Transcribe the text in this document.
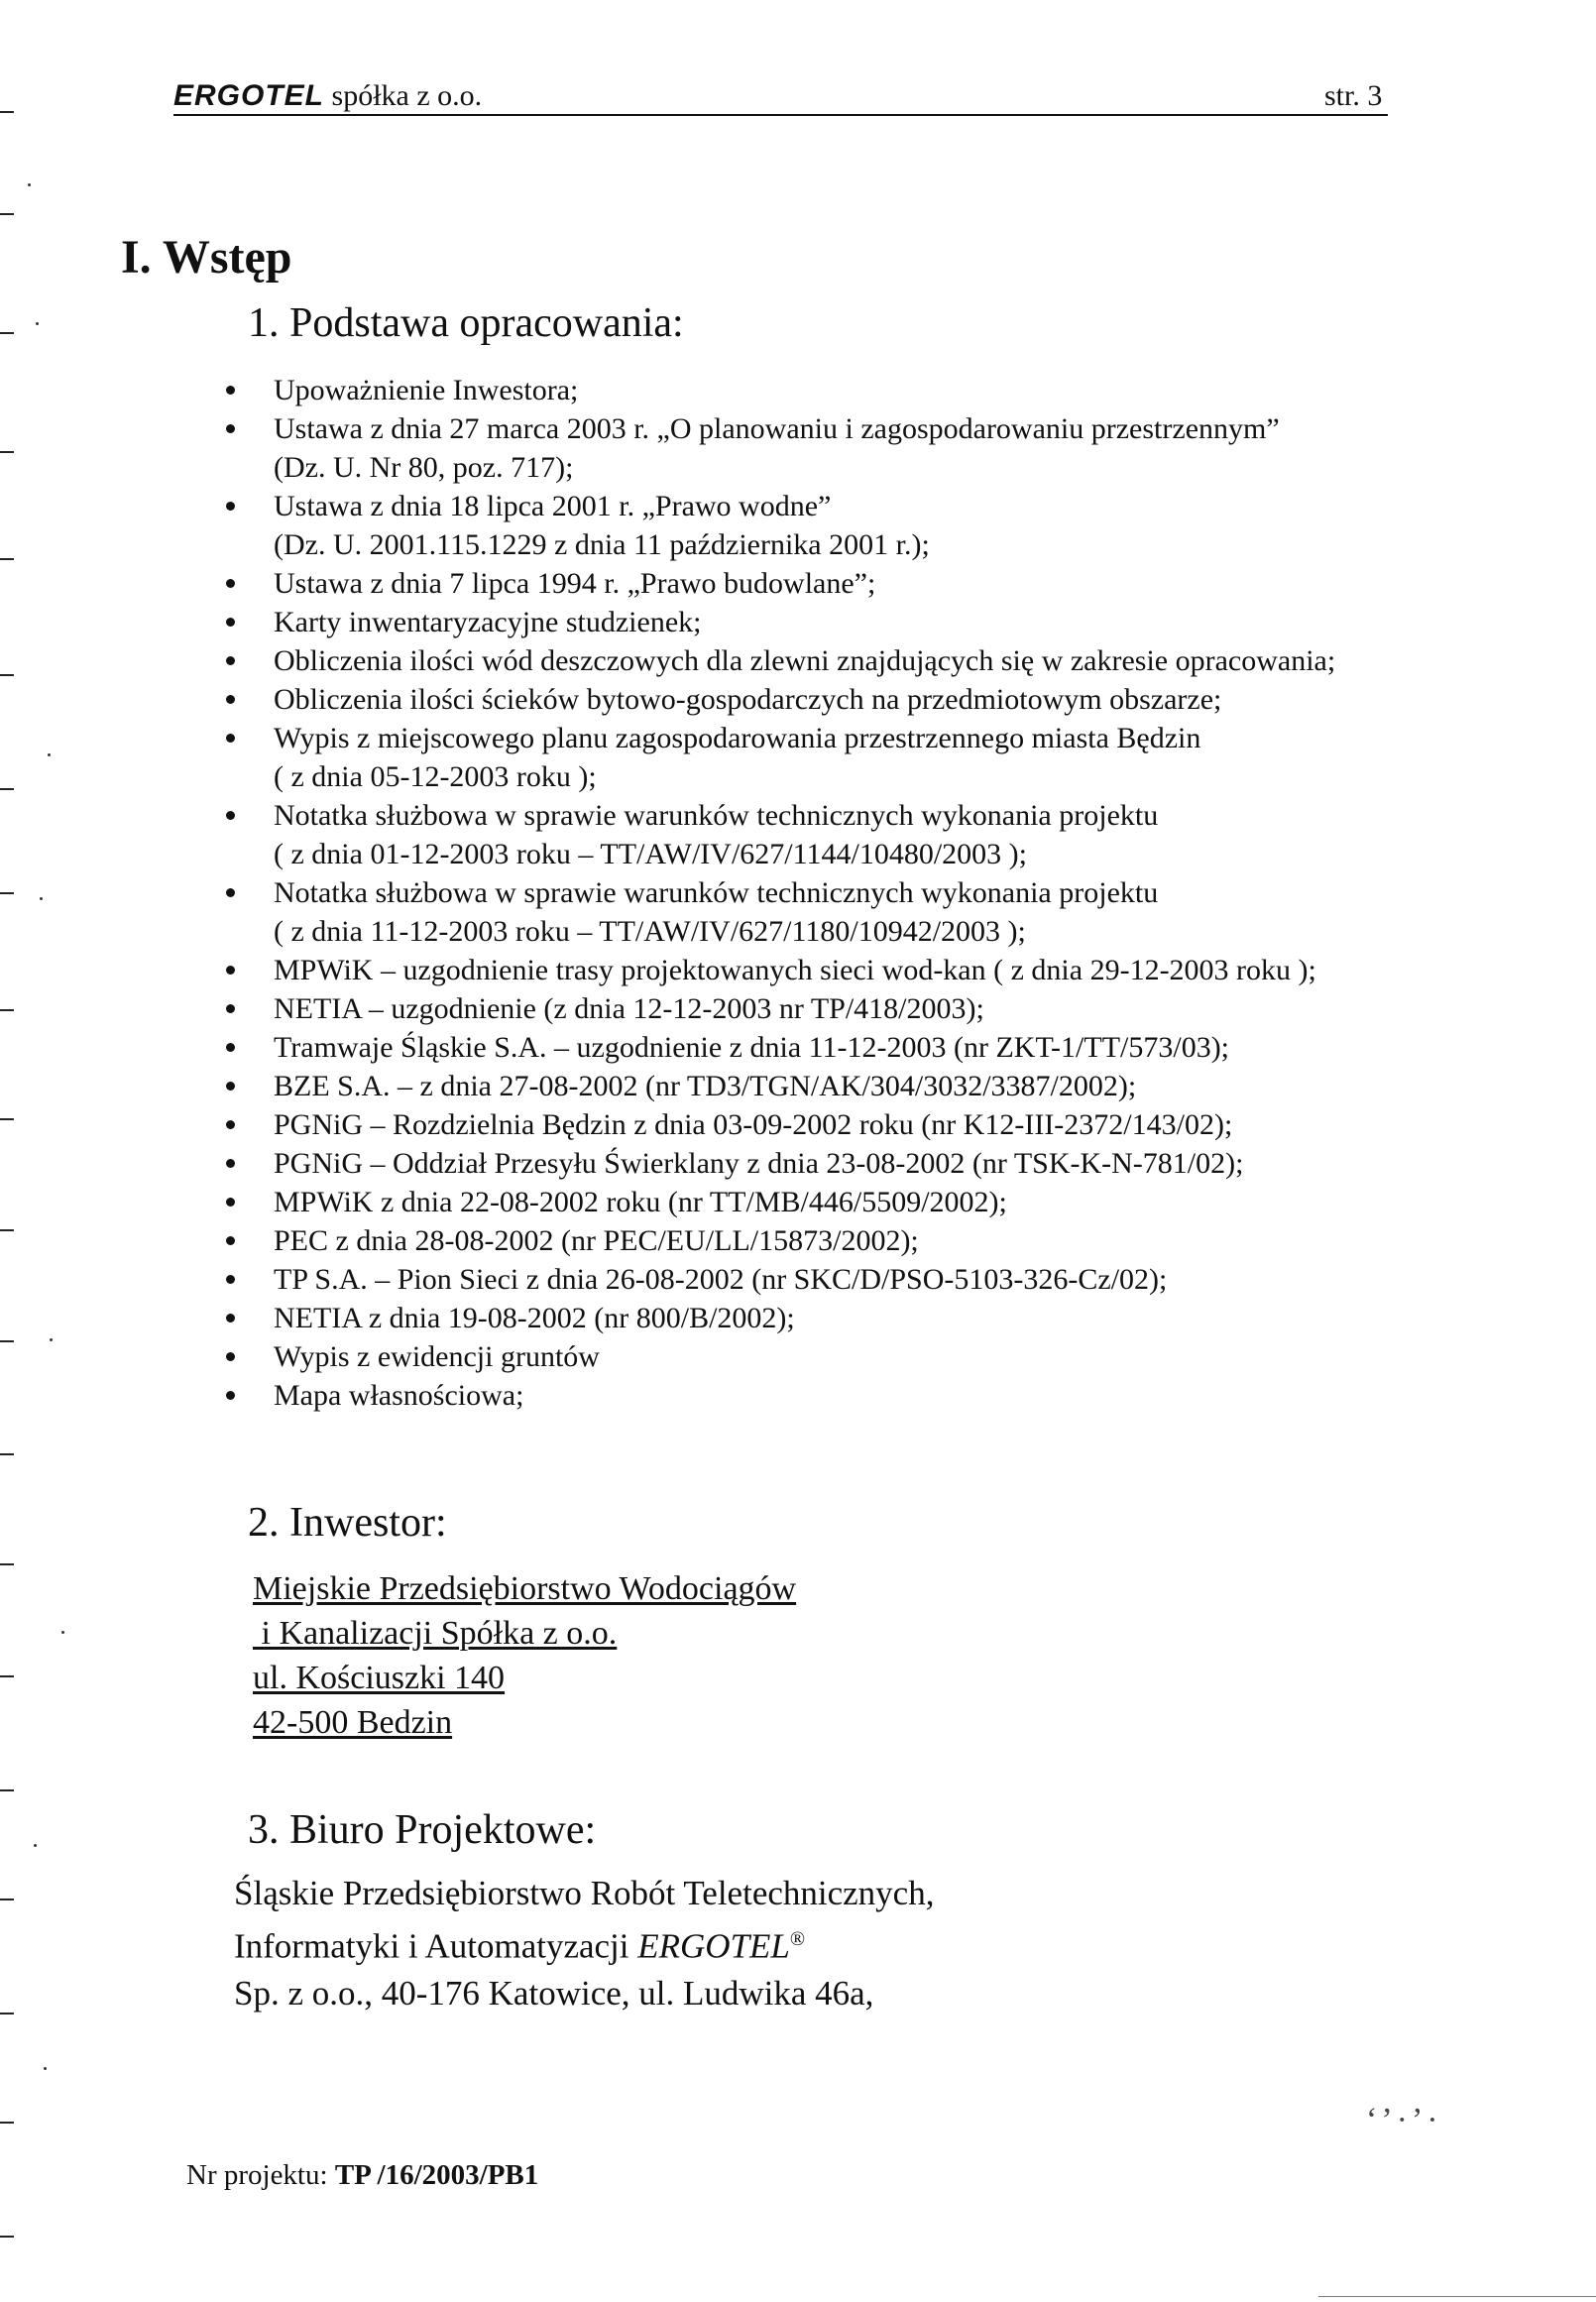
ERGOTEL spółka z o.o.	str. 3
I. Wstęp
1. Podstawa opracowania:
Upoważnienie Inwestora;
Ustawa z dnia 27 marca 2003 r. „O planowaniu i zagospodarowaniu przestrzennym”
(Dz. U. Nr 80, poz. 717);
Ustawa z dnia 18 lipca 2001 r. „Prawo wodne”
(Dz. U. 2001.115.1229 z dnia 11 października 2001 r.);
Ustawa z dnia 7 lipca 1994 r. „Prawo budowlane”;
Karty inwentaryzacyjne studzienek;
Obliczenia ilości wód deszczowych dla zlewni znajdujących się w zakresie opracowania;
Obliczenia ilości ścieków bytowo-gospodarczych na przedmiotowym obszarze;
Wypis z miejscowego planu zagospodarowania przestrzennego miasta Będzin
( z dnia 05-12-2003 roku );
Notatka służbowa w sprawie warunków technicznych wykonania projektu
( z dnia 01-12-2003 roku – TT/AW/IV/627/1144/10480/2003 );
Notatka służbowa w sprawie warunków technicznych wykonania projektu
( z dnia 11-12-2003 roku – TT/AW/IV/627/1180/10942/2003 );
MPWiK – uzgodnienie trasy projektowanych sieci wod-kan ( z dnia 29-12-2003 roku );
NETIA – uzgodnienie (z dnia 12-12-2003 nr TP/418/2003);
Tramwaje Śląskie S.A. – uzgodnienie z dnia 11-12-2003 (nr ZKT-1/TT/573/03);
BZE S.A. – z dnia 27-08-2002 (nr TD3/TGN/AK/304/3032/3387/2002);
PGNiG – Rozdzielnia Będzin z dnia 03-09-2002 roku (nr K12-III-2372/143/02);
PGNiG – Oddział Przesyłu Świerklany z dnia 23-08-2002 (nr TSK-K-N-781/02);
MPWiK z dnia 22-08-2002 roku (nr TT/MB/446/5509/2002);
PEC z dnia 28-08-2002 (nr PEC/EU/LL/15873/2002);
TP S.A. – Pion Sieci z dnia 26-08-2002 (nr SKC/D/PSO-5103-326-Cz/02);
NETIA z dnia 19-08-2002 (nr 800/B/2002);
Wypis z ewidencji gruntów
Mapa własnościowa;
2. Inwestor:
Miejskie Przedsiębiorstwo Wodociągów
i Kanalizacji Spółka z o.o.
ul. Kościuszki 140
42-500 Bedzin
3. Biuro Projektowe:
Śląskie Przedsiębiorstwo Robót Teletechnicznych,
Informatyki i Automatyzacji ERGOTEL®
Sp. z o.o., 40-176 Katowice, ul. Ludwika 46a,
‘’·’·
Nr projektu: TP /16/2003/PB1
